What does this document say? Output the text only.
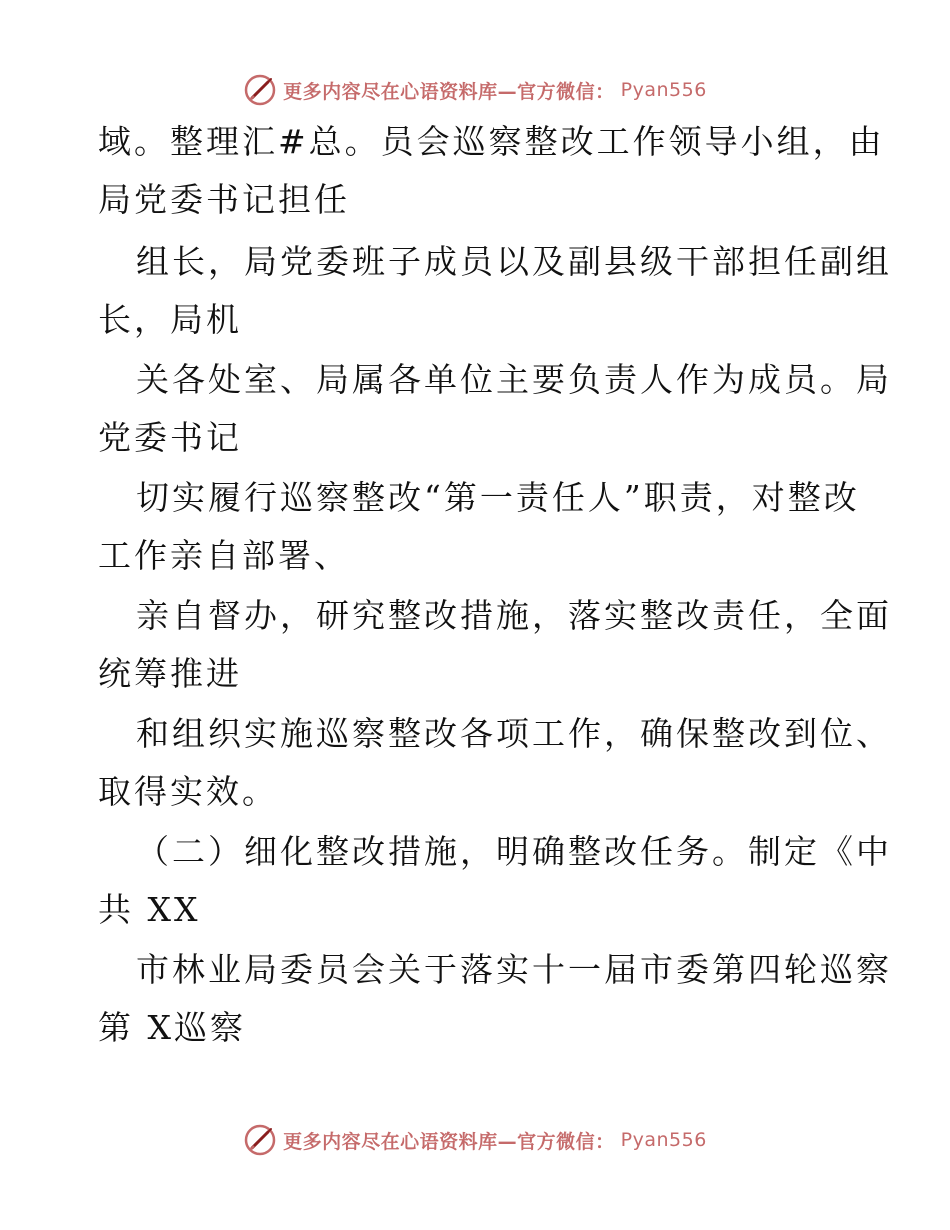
更多内容尽在心语资料库—官方微信： Pyan556
域。整理汇#总。员会巡察整改工作领导小组，由
局党委书记担任
组长，局党委班子成员以及副县级干部担任副组
长，局机
关各处室、局属各单位主要负责人作为成员。局
党委书记
切实履行巡察整改“第一责任人”职责，对整改
工作亲自部署、
亲自督办，研究整改措施，落实整改责任，全面
统筹推进
和组织实施巡察整改各项工作，确保整改到位、
取得实效。
（二）细化整改措施，明确整改任务。制定《中
共 XX
市林业局委员会关于落实十一届市委第四轮巡察
第 X巡察
更多内容尽在心语资料库—官方微信： Pyan556
